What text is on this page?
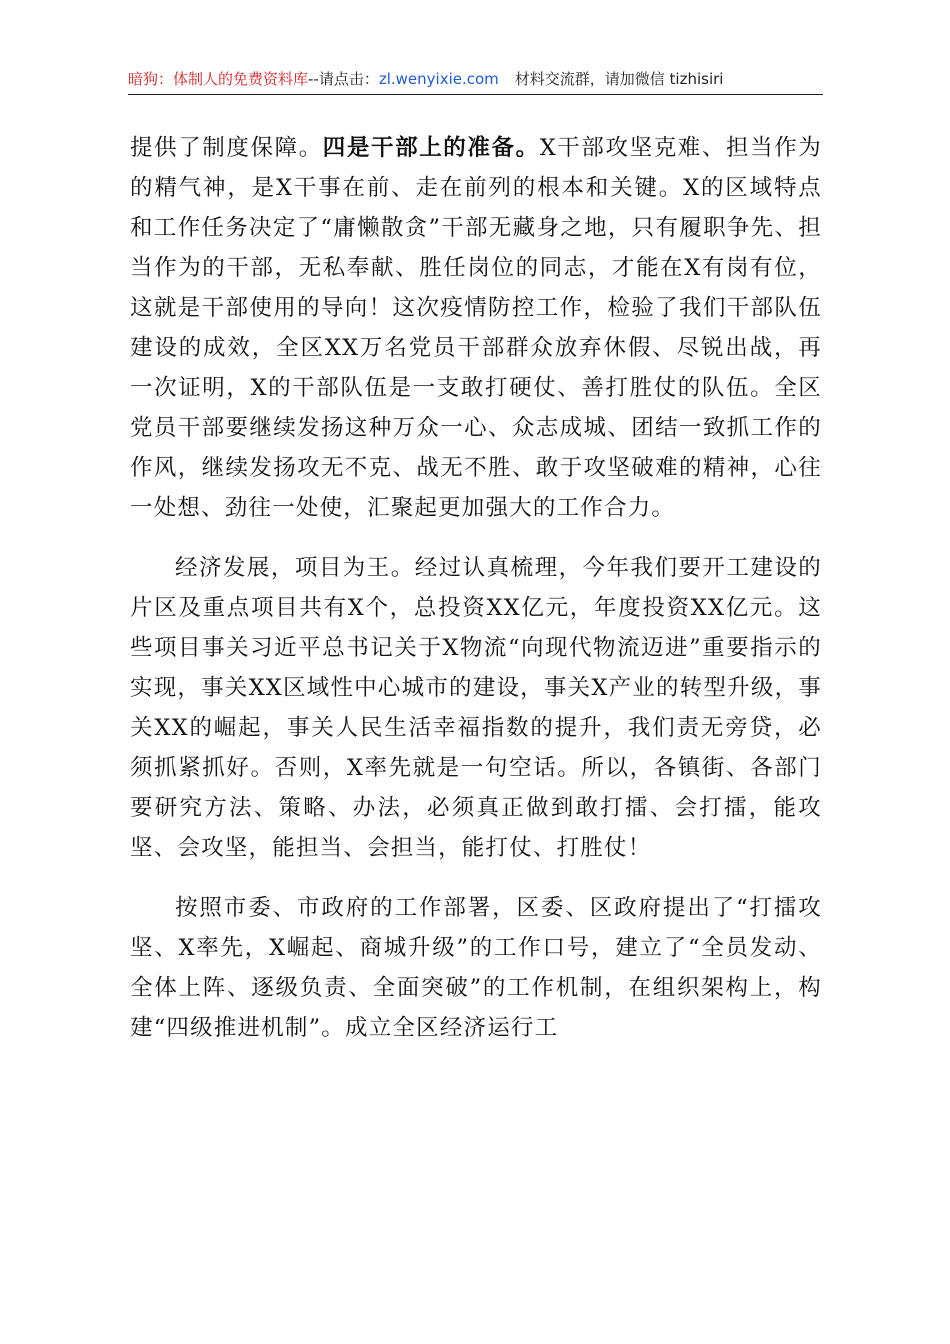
暗狗：体制人的免费资料库--请点击：zl.wenyixie.com 材料交流群，请加微信 tizhisiri

提供了制度保障。四是干部上的准备。X干部攻坚克难、担当作为的精气神，是X干事在前、走在前列的根本和关键。X的区域特点和工作任务决定了“庸懒散贪”干部无藏身之地，只有履职争先、担当作为的干部，无私奉献、胜任岗位的同志，才能在X有岗有位，这就是干部使用的导向！这次疫情防控工作，检验了我们干部队伍建设的成效，全区XX万名党员干部群众放弃休假、尽锐出战，再一次证明，X的干部队伍是一支敢打硬仗、善打胜仗的队伍。全区党员干部要继续发扬这种万众一心、众志成城、团结一致抓工作的作风，继续发扬攻无不克、战无不胜、敢于攻坚破难的精神，心往一处想、劲往一处使，汇聚起更加强大的工作合力。

经济发展，项目为王。经过认真梳理，今年我们要开工建设的片区及重点项目共有X个，总投资XX亿元，年度投资XX亿元。这些项目事关习近平总书记关于X物流“向现代物流迈进”重要指示的实现，事关XX区域性中心城市的建设，事关X产业的转型升级，事关XX的崛起，事关人民生活幸福指数的提升，我们责无旁贷，必须抓紧抓好。否则，X率先就是一句空话。所以，各镇街、各部门要研究方法、策略、办法，必须真正做到敢打擂、会打擂，能攻坚、会攻坚，能担当、会担当，能打仗、打胜仗！

按照市委、市政府的工作部署，区委、区政府提出了“打擂攻坚、X率先，X崛起、商城升级”的工作口号，建立了“全员发动、全体上阵、逐级负责、全面突破”的工作机制，在组织架构上，构建“四级推进机制”。成立全区经济运行工
